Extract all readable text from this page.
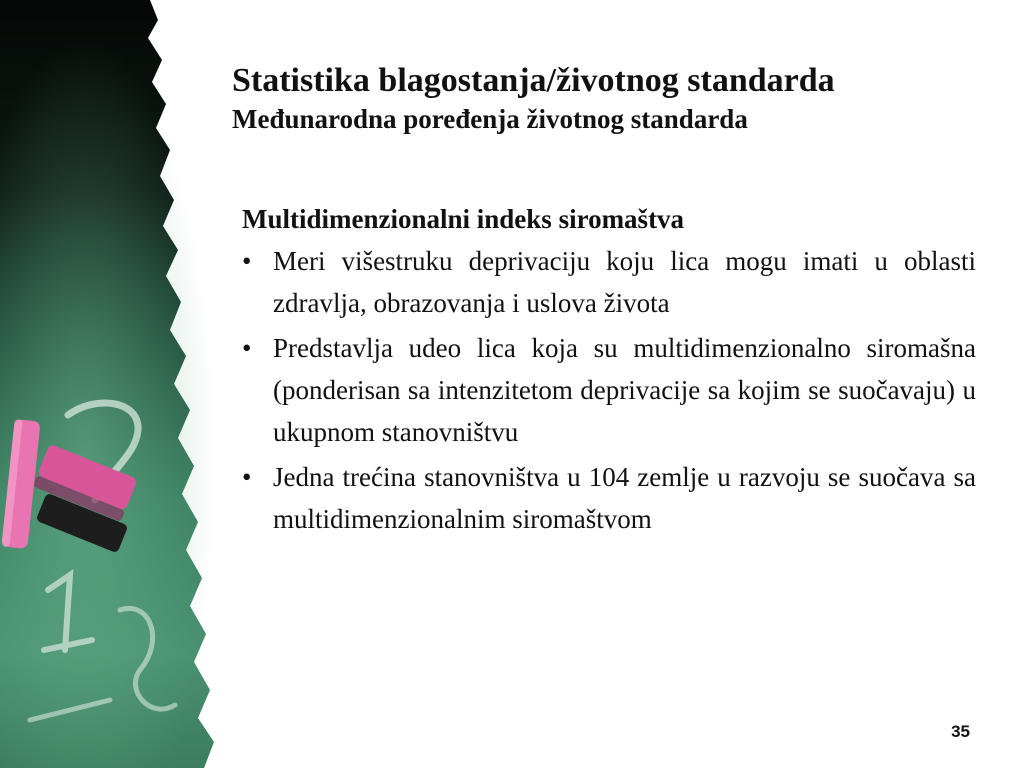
Statistika blagostanja/životnog standarda
Međunarodna poređenja životnog standarda
Multidimenzionalni indeks siromaštva
• Meri višestruku deprivaciju koju lica mogu imati u oblasti zdravlja, obrazovanja i uslova života
• Predstavlja udeo lica koja su multidimenzionalno siromašna (ponderisan sa intenzitetom deprivacije sa kojim se suočavaju) u ukupnom stanovništvu
• Jedna trećina stanovništva u 104 zemlje u razvoju se suočava sa multidimenzionalnim siromaštvom
35
